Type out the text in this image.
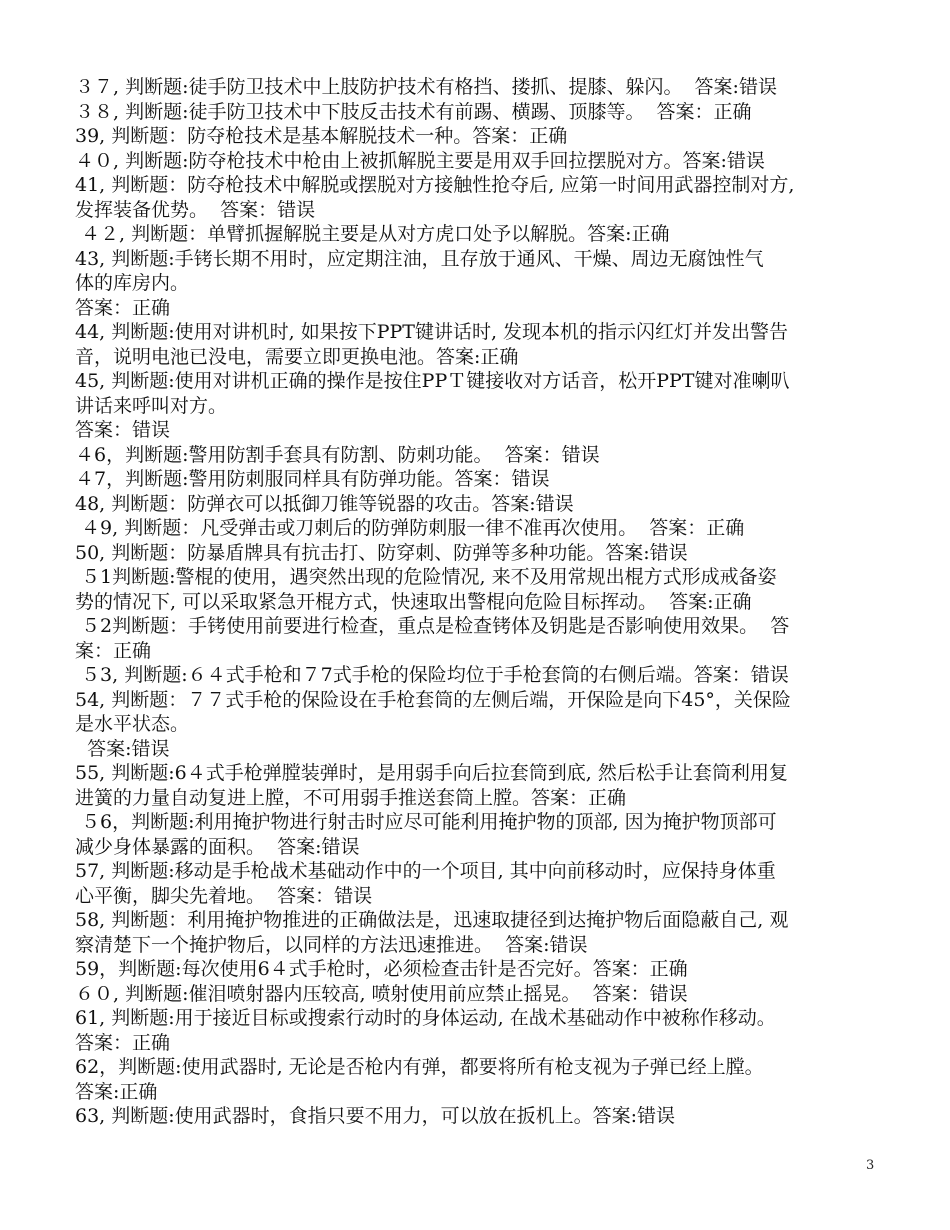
３７, 判断题:徒手防卫技术中上肢防护技术有格挡、搂抓、提膝、躲闪。  答案:错误
３８, 判断题:徒手防卫技术中下肢反击技术有前踢、横踢、顶膝等。  答案：正确
39, 判断题：防夺枪技术是基本解脱技术一种。答案：正确
４０, 判断题:防夺枪技术中枪由上被抓解脱主要是用双手回拉摆脱对方。答案:错误
41, 判断题：防夺枪技术中解脱或摆脱对方接触性抢夺后, 应第一时间用武器控制对方,
发挥装备优势。  答案：错误
４２, 判断题：单臂抓握解脱主要是从对方虎口处予以解脱。答案:正确
43, 判断题:手铐长期不用时，应定期注油，且存放于通风、干燥、周边无腐蚀性气
体的库房内。
答案：正确
44, 判断题:使用对讲机时, 如果按下PPT键讲话时, 发现本机的指示闪红灯并发出警告
音，说明电池已没电，需要立即更换电池。答案:正确
45, 判断题:使用对讲机正确的操作是按住PPＴ键接收对方话音，松开PPT键对准喇叭
讲话来呼叫对方。
答案：错误
４6，判断题:警用防割手套具有防割、防刺功能。  答案：错误
４7，判断题:警用防刺服同样具有防弹功能。答案：错误
48, 判断题：防弹衣可以抵御刀锥等锐器的攻击。答案:错误
４9, 判断题：凡受弹击或刀刺后的防弹防刺服一律不准再次使用。  答案：正确
50, 判断题：防暴盾牌具有抗击打、防穿刺、防弹等多种功能。答案:错误
５1判断题:警棍的使用，遇突然出现的危险情况, 来不及用常规出棍方式形成戒备姿
势的情况下, 可以采取紧急开棍方式，快速取出警棍向危险目标挥动。  答案:正确
５2判断题：手铐使用前要进行检查，重点是检查铐体及钥匙是否影响使用效果。  答
案：正确
５3, 判断题:６４式手枪和７7式手枪的保险均位于手枪套筒的右侧后端。答案：错误
54, 判断题：７７式手枪的保险设在手枪套筒的左侧后端，开保险是向下45°，关保险
是水平状态。
答案:错误
55, 判断题:6４式手枪弹膛装弹时，是用弱手向后拉套筒到底, 然后松手让套筒利用复
进簧的力量自动复进上膛，不可用弱手推送套筒上膛。答案：正确
５6，判断题:利用掩护物进行射击时应尽可能利用掩护物的顶部, 因为掩护物顶部可
减少身体暴露的面积。  答案:错误
57, 判断题:移动是手枪战术基础动作中的一个项目, 其中向前移动时，应保持身体重
心平衡，脚尖先着地。  答案：错误
58, 判断题：利用掩护物推进的正确做法是，迅速取捷径到达掩护物后面隐蔽自己, 观
察清楚下一个掩护物后，以同样的方法迅速推进。  答案:错误
59，判断题:每次使用6４式手枪时，必须检查击针是否完好。答案：正确
６０, 判断题:催泪喷射器内压较高, 喷射使用前应禁止摇晃。  答案：错误
61, 判断题:用于接近目标或搜索行动时的身体运动, 在战术基础动作中被称作移动。
答案：正确
62，判断题:使用武器时, 无论是否枪内有弹，都要将所有枪支视为子弹已经上膛。
答案:正确
63, 判断题:使用武器时，食指只要不用力，可以放在扳机上。答案:错误
3
